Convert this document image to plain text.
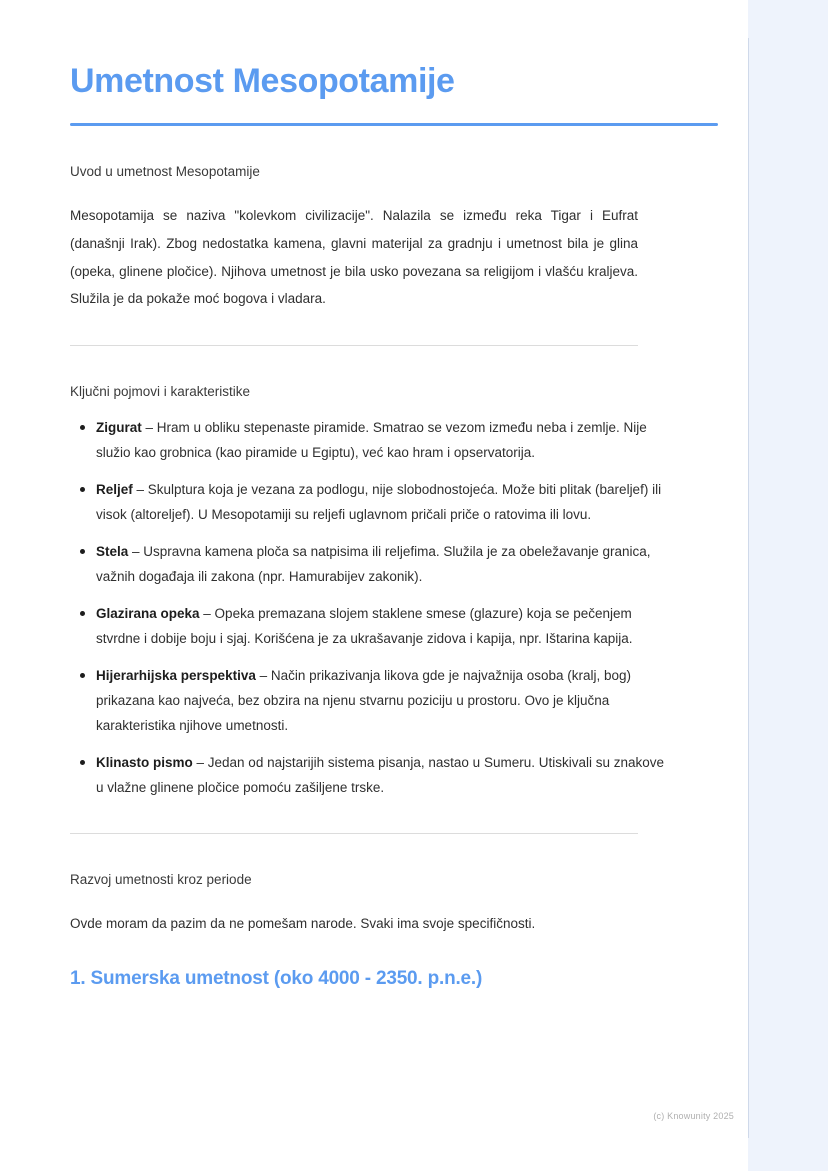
Umetnost Mesopotamije
Uvod u umetnost Mesopotamije

Mesopotamija se naziva "kolevkom civilizacije". Nalazila se između reka Tigar i Eufrat (današnji Irak). Zbog nedostatka kamena, glavni materijal za gradnju i umetnost bila je glina (opeka, glinene pločice). Njihova umetnost je bila usko povezana sa religijom i vlašću kraljeva. Služila je da pokaže moć bogova i vladara.

Ključni pojmovi i karakteristike
Zigurat – Hram u obliku stepenaste piramide. Smatrao se vezom između neba i zemlje. Nije služio kao grobnica (kao piramide u Egiptu), već kao hram i opservatorija.
Reljef – Skulptura koja je vezana za podlogu, nije slobodnostojeća. Može biti plitak (bareljef) ili visok (altoreljef). U Mesopotamiji su reljefi uglavnom pričali priče o ratovima ili lovu.
Stela – Uspravna kamena ploča sa natpisima ili reljefima. Služila je za obeležavanje granica, važnih događaja ili zakona (npr. Hamurabijev zakonik).
Glazirana opeka – Opeka premazana slojem staklene smese (glazure) koja se pečenjem stvrdne i dobije boju i sjaj. Korišćena je za ukrašavanje zidova i kapija, npr. Ištarina kapija.
Hijerarhijska perspektiva – Način prikazivanja likova gde je najvažnija osoba (kralj, bog) prikazana kao najveća, bez obzira na njenu stvarnu poziciju u prostoru. Ovo je ključna karakteristika njihove umetnosti.
Klinasto pismo – Jedan od najstarijih sistema pisanja, nastao u Sumeru. Utiskivali su znakove u vlažne glinene pločice pomoću zašiljene trske.
Razvoj umetnosti kroz periode

Ovde moram da pazim da ne pomešam narode. Svaki ima svoje specifičnosti.

1. Sumerska umetnost (oko 4000 - 2350. p.n.e.)
(c) Knowunity 2025
